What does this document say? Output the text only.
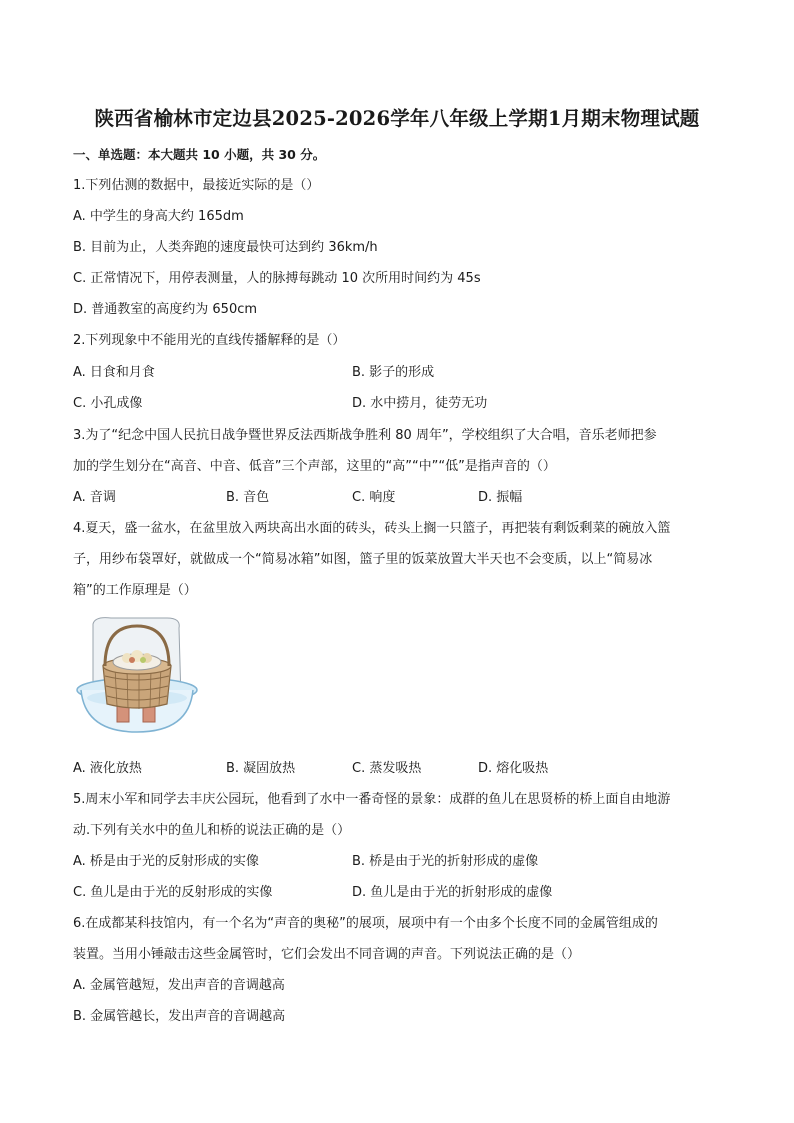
陕西省榆林市定边县2025-2026学年八年级上学期1月期末物理试题
一、单选题：本大题共 10 小题，共 30 分。
1.下列估测的数据中，最接近实际的是（）
A. 中学生的身高大约 165dm
B. 目前为止，人类奔跑的速度最快可达到约 36km/h
C. 正常情况下，用停表测量，人的脉搏每跳动 10 次所用时间约为 45s
D. 普通教室的高度约为 650cm
2.下列现象中不能用光的直线传播解释的是（）
A. 日食和月食	B. 影子的形成
C. 小孔成像	D. 水中捞月，徒劳无功
3.为了“纪念中国人民抗日战争暨世界反法西斯战争胜利 80 周年”，学校组织了大合唱，音乐老师把参
加的学生划分在“高音、中音、低音”三个声部，这里的“高”“中”“低”是指声音的（）
A. 音调	B. 音色	C. 响度	D. 振幅
4.夏天，盛一盆水，在盆里放入两块高出水面的砖头，砖头上搁一只篮子，再把装有剩饭剩菜的碗放入篮
子，用纱布袋罩好，就做成一个“简易冰箱”如图，篮子里的饭菜放置大半天也不会变质，以上“简易冰
箱”的工作原理是（）
A. 液化放热	B. 凝固放热	C. 蒸发吸热	D. 熔化吸热
5.周末小军和同学去丰庆公园玩，他看到了水中一番奇怪的景象：成群的鱼儿在思贤桥的桥上面自由地游
动.下列有关水中的鱼儿和桥的说法正确的是（）
A. 桥是由于光的反射形成的实像	B. 桥是由于光的折射形成的虚像
C. 鱼儿是由于光的反射形成的实像	D. 鱼儿是由于光的折射形成的虚像
6.在成都某科技馆内，有一个名为“声音的奥秘”的展项，展项中有一个由多个长度不同的金属管组成的
装置。当用小锤敲击这些金属管时，它们会发出不同音调的声音。下列说法正确的是（）
A. 金属管越短，发出声音的音调越高
B. 金属管越长，发出声音的音调越高
